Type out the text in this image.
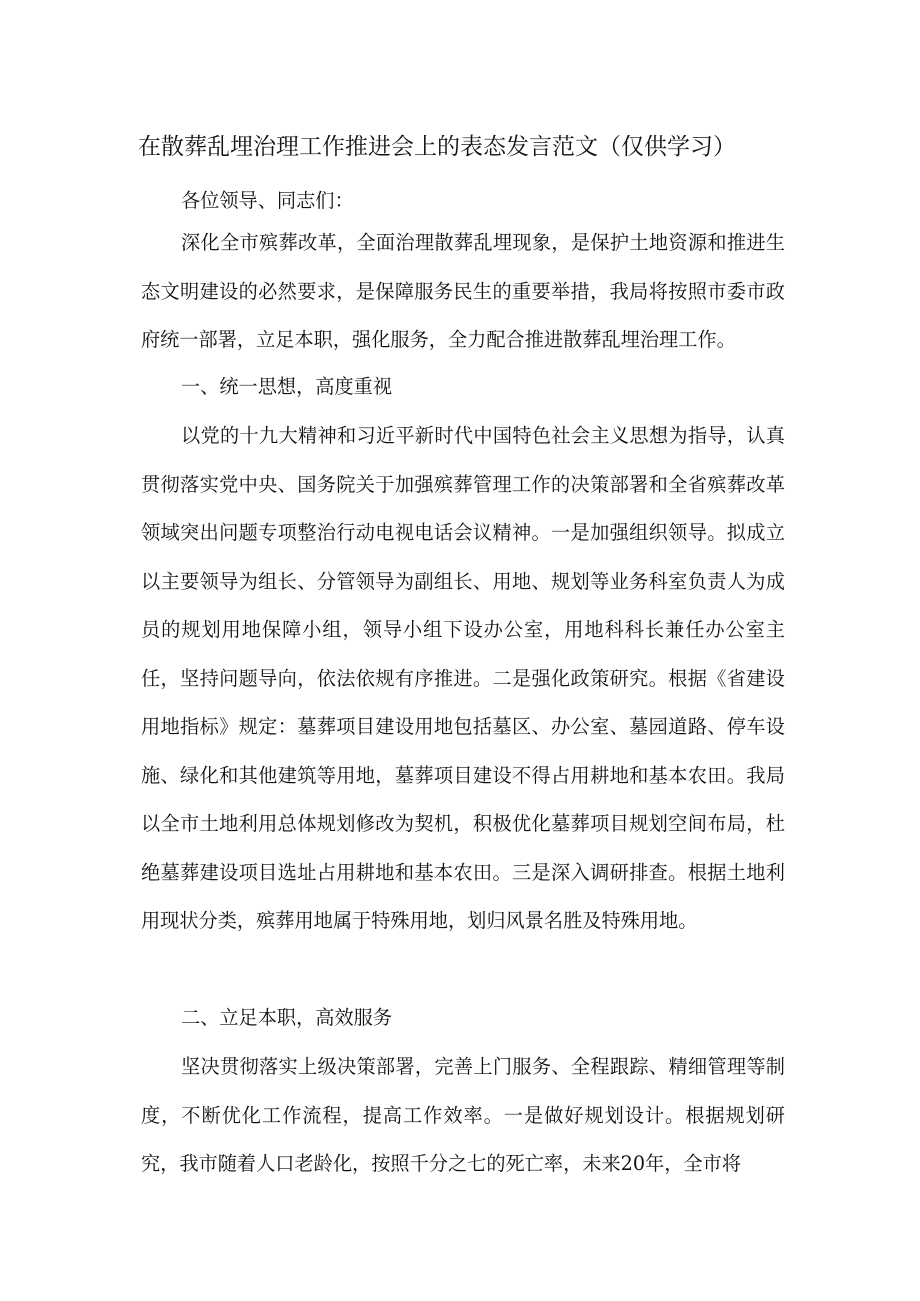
在散葬乱埋治理工作推进会上的表态发言范文（仅供学习）

各位领导、同志们：

深化全市殡葬改革，全面治理散葬乱埋现象，是保护土地资源和推进生态文明建设的必然要求，是保障服务民生的重要举措，我局将按照市委市政府统一部署，立足本职，强化服务，全力配合推进散葬乱埋治理工作。

一、统一思想，高度重视

以党的十九大精神和习近平新时代中国特色社会主义思想为指导，认真贯彻落实党中央、国务院关于加强殡葬管理工作的决策部署和全省殡葬改革领域突出问题专项整治行动电视电话会议精神。一是加强组织领导。拟成立以主要领导为组长、分管领导为副组长、用地、规划等业务科室负责人为成员的规划用地保障小组，领导小组下设办公室，用地科科长兼任办公室主任，坚持问题导向，依法依规有序推进。二是强化政策研究。根据《省建设用地指标》规定：墓葬项目建设用地包括墓区、办公室、墓园道路、停车设施、绿化和其他建筑等用地，墓葬项目建设不得占用耕地和基本农田。我局以全市土地利用总体规划修改为契机，积极优化墓葬项目规划空间布局，杜绝墓葬建设项目选址占用耕地和基本农田。三是深入调研排查。根据土地利用现状分类，殡葬用地属于特殊用地，划归风景名胜及特殊用地。

二、立足本职，高效服务

坚决贯彻落实上级决策部署，完善上门服务、全程跟踪、精细管理等制度，不断优化工作流程，提高工作效率。一是做好规划设计。根据规划研究，我市随着人口老龄化，按照千分之七的死亡率，未来20年，全市将
